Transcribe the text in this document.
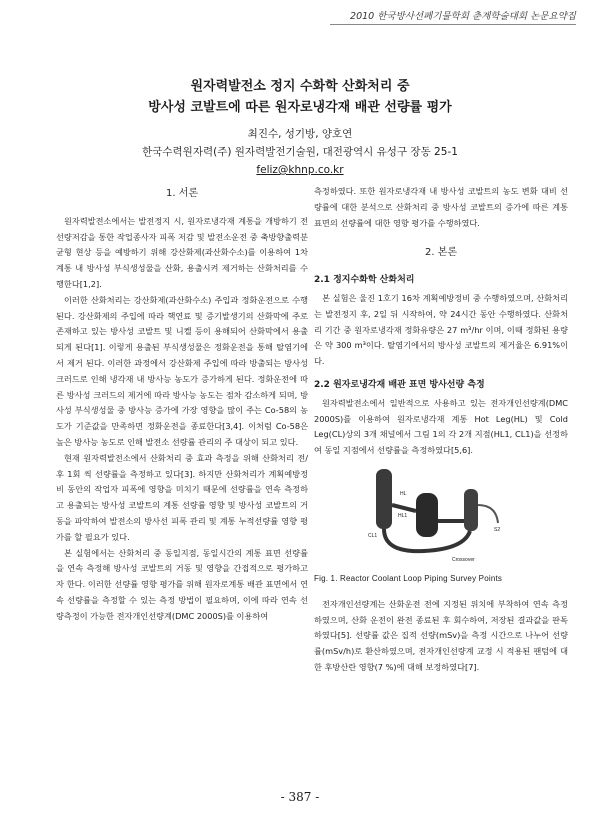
2010 한국방사선폐기물학회 춘계학술대회 논문요약집
원자력발전소 정지 수화학 산화처리 중
방사성 코발트에 따른 원자로냉각재 배관 선량률 평가
최진수, 성기방, 양호연
한국수력원자력(주) 원자력발전기술원, 대전광역시 유성구 장동 25-1
feliz@khnp.co.kr
1. 서론

원자력발전소에서는 발전정지 시, 원자로냉각재 계통을 개방하기 전 선량저감을 통한 작업종사자 피폭 저감 및 발전소운전 중 축방향출력분균형 현상 등을 예방하기 위해 강산화제(과산화수소)를 이용하여 1차 계통 내 방사성 부식생성물을 산화, 용출시켜 제거하는 산화처리를 수행한다[1,2].

이러한 산화처리는 강산화제(과산화수소) 주입과 정화운전으로 수행된다. 강산화제의 주입에 따라 핵연료 및 증기발생기의 산화막에 주로 존재하고 있는 방사성 코발트 및 니켈 등이 용해되어 산화막에서 용출되게 된다[1]. 이렇게 용출된 부식생성물은 정화운전을 통해 탈염기에서 제거 된다. 이러한 과정에서 강산화제 주입에 따라 방출되는 방사성 크러드로 인해 냉각재 내 방사능 농도가 증가하게 된다. 정화운전에 따른 방사성 크러드의 제거에 따라 방사능 농도는 점차 감소하게 되며, 방사성 부식생성물 중 방사능 증가에 가장 영향을 많이 주는 Co-58의 농도가 기준값을 만족하면 정화운전을 종료한다[3,4]. 이처럼 Co-58은 높은 방사능 농도로 인해 발전소 선량률 관리의 주 대상이 되고 있다.

현재 원자력발전소에서 산화처리 중 효과 측정을 위해 산화처리 전/후 1회 씩 선량률을 측정하고 있다[3]. 하지만 산화처리가 계획예방정비 동안의 작업자 피폭에 영향을 미치기 때문에 선량률을 연속 측정하고 용출되는 방사성 코발트의 계통 선량률 영향 및 방사성 코발트의 거동을 파악하여 발전소의 방사선 피폭 관리 및 계통 누적선량률 영향 평가를 할 필요가 있다.

본 실험에서는 산화처리 중 동일지점, 동일시간의 계통 표면 선량률을 연속 측정해 방사성 코발트의 거동 및 영향을 간접적으로 평가하고자 한다. 이러한 선량률 영향 평가를 위해 원자로계통 배관 표면에서 연속 선량률을 측정할 수 있는 측정 방법이 필요하며, 이에 따라 연속 선량측정이 가능한 전자개인선량계(DMC 2000S)를 이용하여

측정하였다. 또한 원자로냉각재 내 방사성 코발트의 농도 변화 대비 선량률에 대한 분석으로 산화처리 중 방사성 코발트의 증가에 따른 계통 표면의 선량률에 대한 영향 평가를 수행하였다.

2. 본론
2.1 정지수화학 산화처리

본 실험은 울진 1호기 16차 계획예방정비 중 수행하였으며, 산화처리는 발전정지 후, 2일 뒤 시작하여, 약 24시간 동안 수행하였다. 산화처리 기간 중 원자로냉각재 정화유량은 27 m³/hr 이며, 이때 정화된 용량은 약 300 m³이다. 탈염기에서의 방사성 코발트의 제거율은 6.91%이다.

2.2 원자로냉각재 배관 표면 방사선량 측정

원자력발전소에서 일반적으로 사용하고 있는 전자개인선량계(DMC 2000S)를 이용하여 원자로냉각재 계통 Hot Leg(HL) 및 Cold Leg(CL)상의 3개 채널에서 그림 1의 각 2개 지점(HL1, CL1)을 선정하여 동일 지점에서 선량률을 측정하였다[5,6].

HL
HL1
CL1
S2
Crossover
Fig. 1. Reactor Coolant Loop Piping Survey Points

전자개인선량계는 산화운전 전에 지정된 위치에 부착하여 연속 측정하였으며, 산화 운전이 완전 종료된 후 회수하여, 저장된 결과값을 판독하였다[5]. 선량률 값은 집적 선량(mSv)을 측정 시간으로 나누어 선량률(mSv/h)로 환산하였으며, 전자개인선량계 교정 시 적용된 팬텀에 대한 후방산란 영향(7 %)에 대해 보정하였다[7].

- 387 -
